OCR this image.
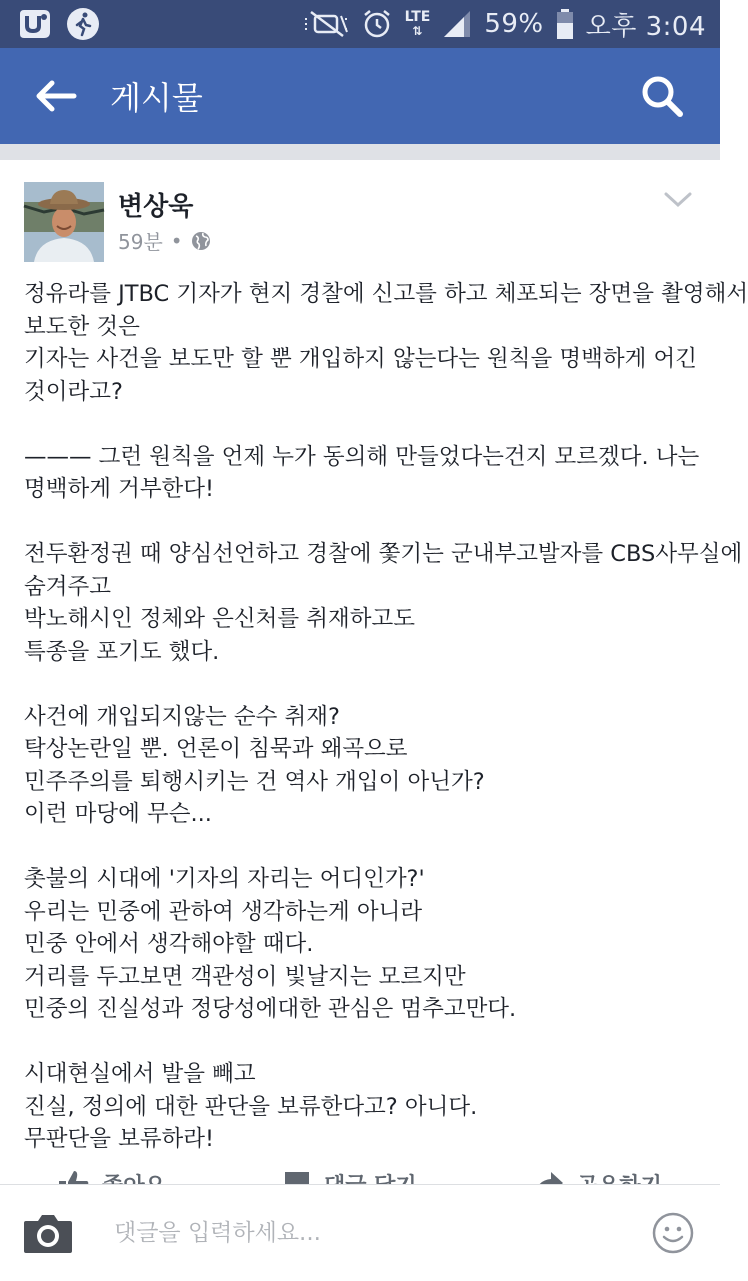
LTE
⇅	59% 오후 3:04
게시물
변상욱
59분 •

정유라를 JTBC 기자가 현지 경찰에 신고를 하고 체포되는 장면을 촬영해서
보도한 것은
기자는 사건을 보도만 할 뿐 개입하지 않는다는 원칙을 명백하게 어긴
것이라고?

——— 그런 원칙을 언제 누가 동의해 만들었다는건지 모르겠다. 나는
명백하게 거부한다!

전두환정권 때 양심선언하고 경찰에 쫓기는 군내부고발자를 CBS사무실에
숨겨주고
박노해시인 정체와 은신처를 취재하고도
특종을 포기도 했다.

사건에 개입되지않는 순수 취재?
탁상논란일 뿐. 언론이 침묵과 왜곡으로
민주주의를 퇴행시키는 건 역사 개입이 아닌가?
이런 마당에 무슨...

촛불의 시대에 '기자의 자리는 어디인가?'
우리는 민중에 관하여 생각하는게 아니라
민중 안에서 생각해야할 때다.
거리를 두고보면 객관성이 빛날지는 모르지만
민중의 진실성과 정당성에대한 관심은 멈추고만다.

시대현실에서 발을 빼고
진실, 정의에 대한 판단을 보류한다고? 아니다.
무판단을 보류하라!

댓글을 입력하세요...
